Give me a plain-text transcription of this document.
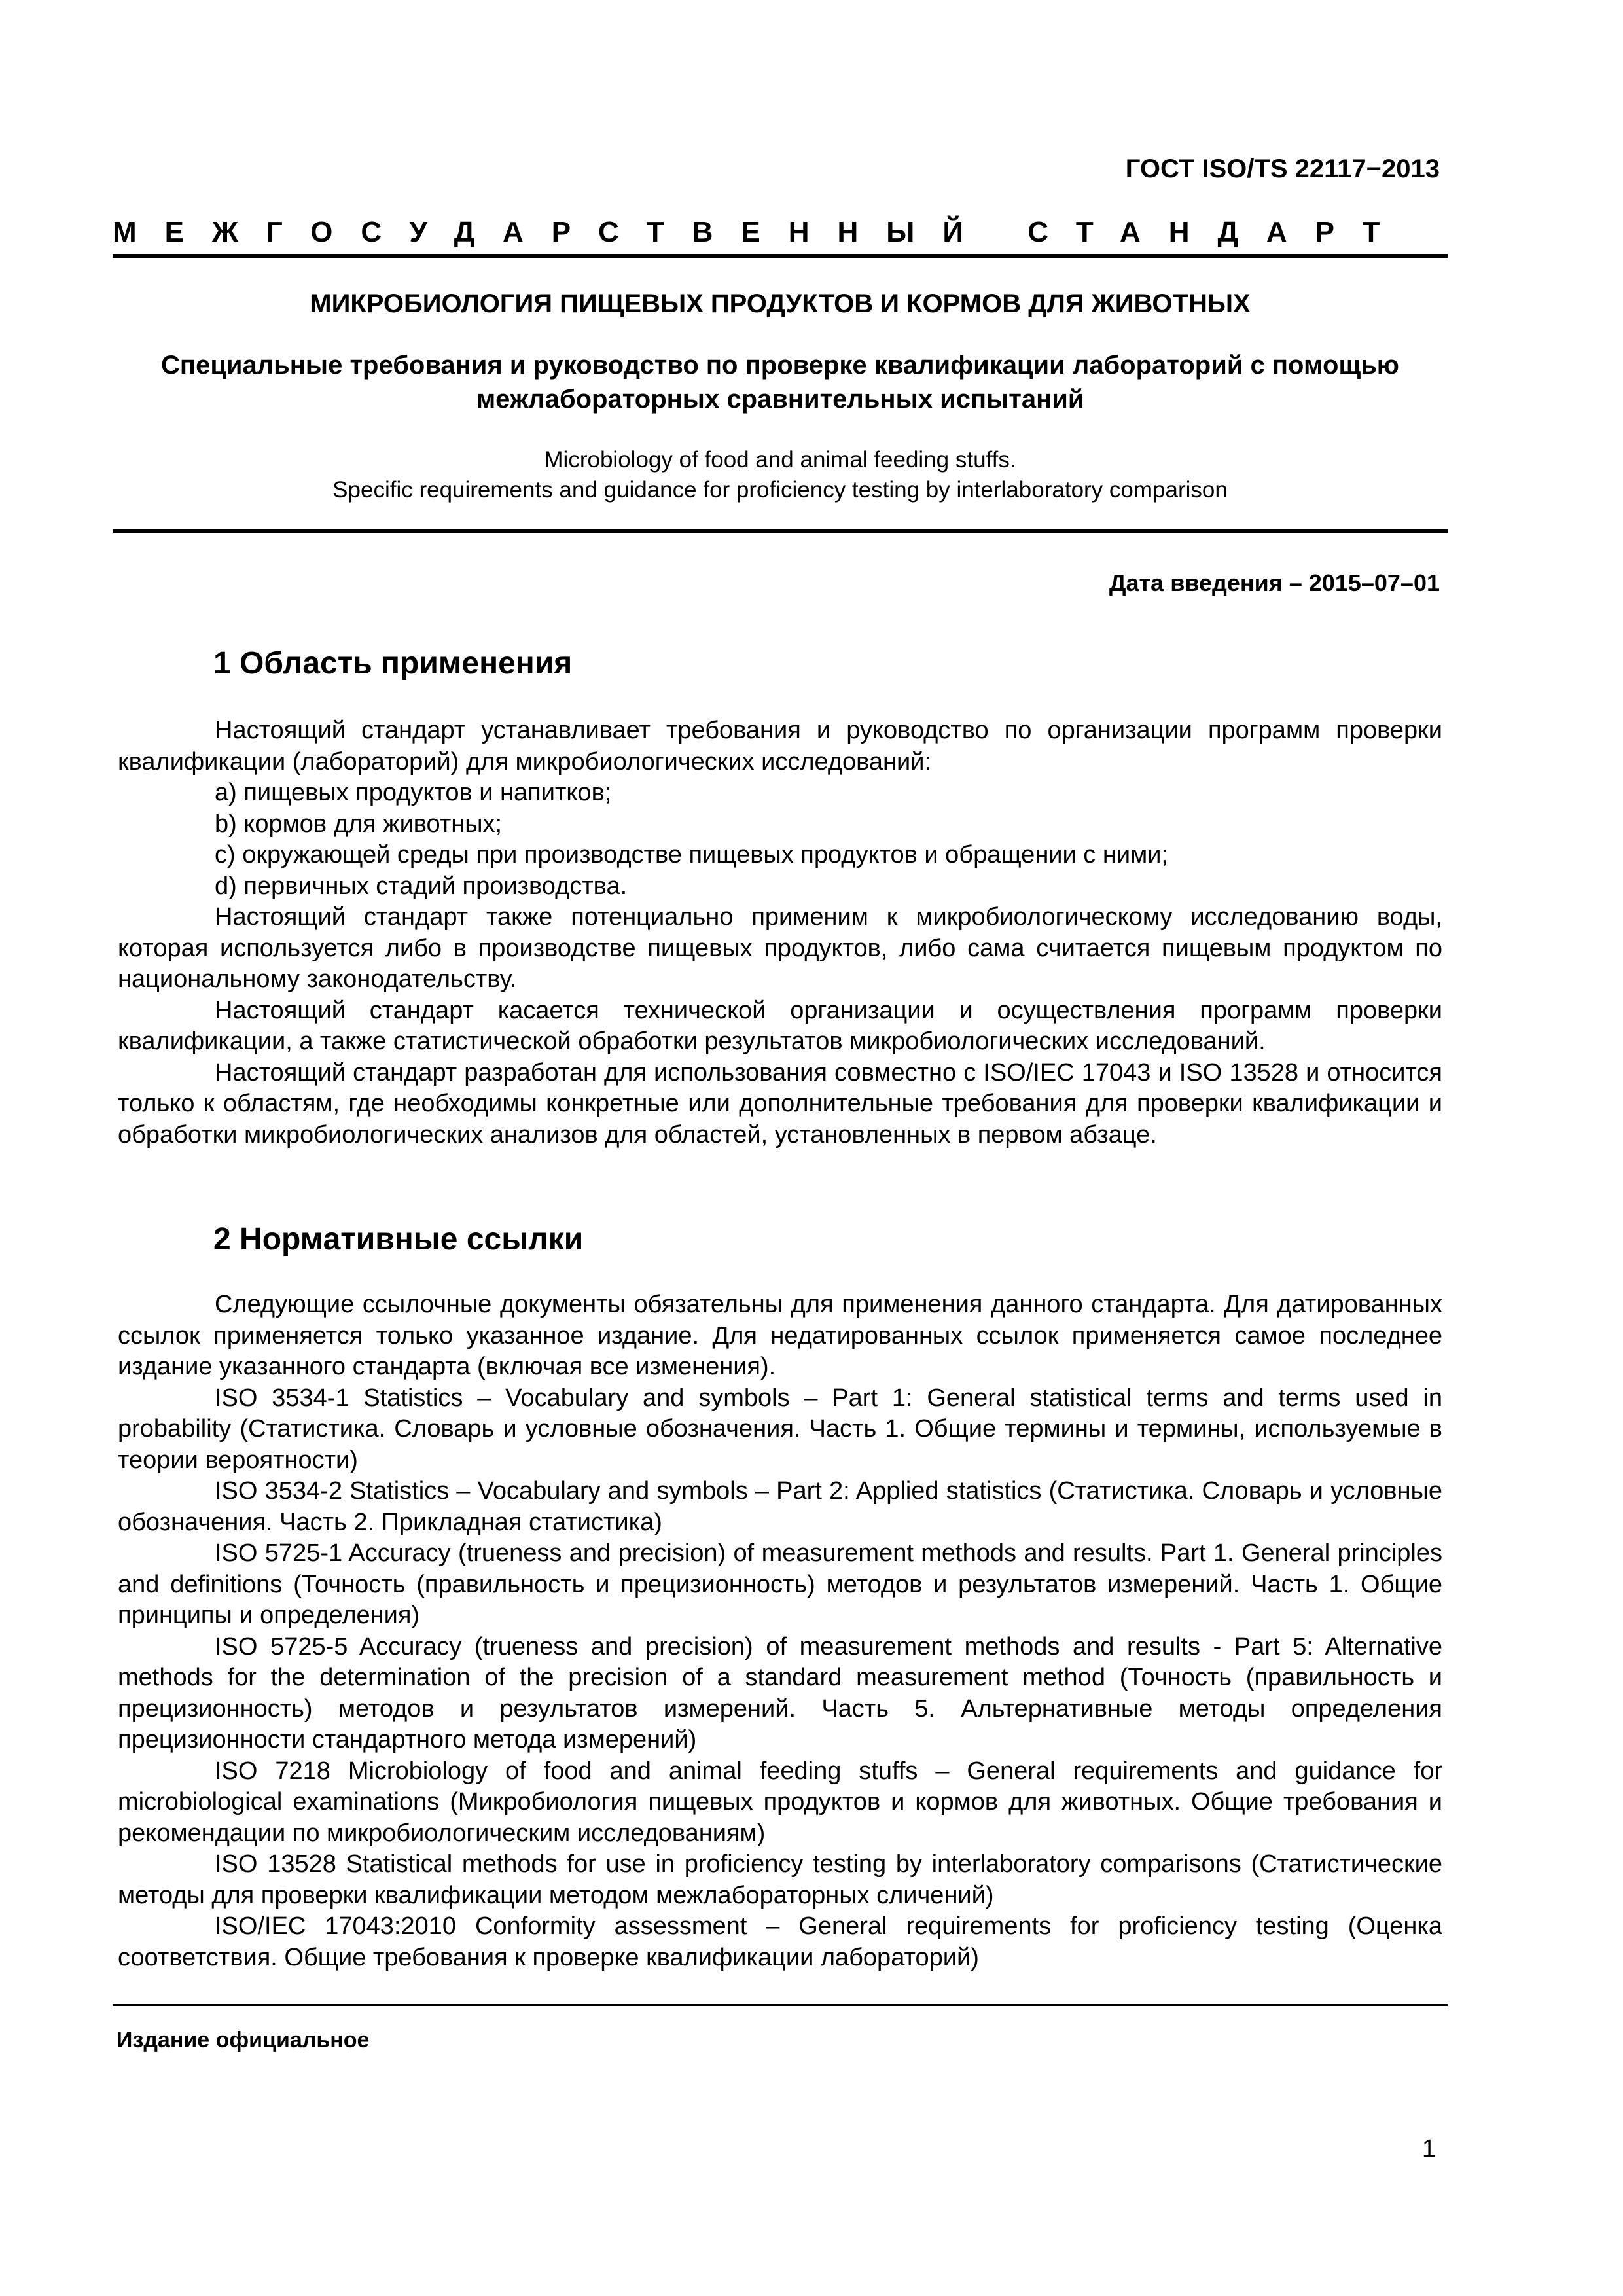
ГОСТ ISO/TS 22117−2013
МЕЖГОСУДАРСТВЕННЫЙ СТАНДАРТ
МИКРОБИОЛОГИЯ ПИЩЕВЫХ ПРОДУКТОВ И КОРМОВ ДЛЯ ЖИВОТНЫХ
Специальные требования и руководство по проверке квалификации лабораторий с помощью
межлабораторных сравнительных испытаний
Microbiology of food and animal feeding stuffs.
Specific requirements and guidance for proficiency testing by interlaboratory comparison
Дата введения – 2015–07–01
1 Область применения

Настоящий стандарт устанавливает требования и руководство по организации программ проверки квалификации (лабораторий) для микробиологических исследований:

a) пищевых продуктов и напитков;

b) кормов для животных;

c) окружающей среды при производстве пищевых продуктов и обращении с ними;

d) первичных стадий производства.

Настоящий стандарт также потенциально применим к микробиологическому исследованию воды, которая используется либо в производстве пищевых продуктов, либо сама считается пищевым продуктом по национальному законодательству.

Настоящий стандарт касается технической организации и осуществления программ проверки квалификации, а также статистической обработки результатов микробиологических исследований.

Настоящий стандарт разработан для использования совместно с ISO/IEC 17043 и ISO 13528 и относится только к областям, где необходимы конкретные или дополнительные требования для проверки квалификации и обработки микробиологических анализов для областей, установленных в первом абзаце.

2 Нормативные ссылки

Следующие ссылочные документы обязательны для применения данного стандарта. Для датированных ссылок применяется только указанное издание. Для недатированных ссылок применяется самое последнее издание указанного стандарта (включая все изменения).

ISO 3534-1 Statistics – Vocabulary and symbols – Part 1: General statistical terms and terms used in probability (Статистика. Словарь и условные обозначения. Часть 1. Общие термины и термины, используемые в теории вероятности)

ISO 3534-2 Statistics – Vocabulary and symbols – Part 2: Applied statistics (Статистика. Словарь и условные обозначения. Часть 2. Прикладная статистика)

ISO 5725-1 Accuracy (trueness and precision) of measurement methods and results. Part 1. General principles and definitions (Точность (правильность и прецизионность) методов и результатов измерений. Часть 1. Общие принципы и определения)

ISO 5725-5 Accuracy (trueness and precision) of measurement methods and results - Part 5: Alternative methods for the determination of the precision of a standard measurement method (Точность (правильность и прецизионность) методов и результатов измерений. Часть 5. Альтернативные методы определения прецизионности стандартного метода измерений)

ISO 7218 Microbiology of food and animal feeding stuffs – General requirements and guidance for microbiological examinations (Микробиология пищевых продуктов и кормов для животных. Общие требования и рекомендации по микробиологическим исследованиям)

ISO 13528 Statistical methods for use in proficiency testing by interlaboratory comparisons (Статистические методы для проверки квалификации методом межлабораторных сличений)

ISO/IEC 17043:2010 Conformity assessment – General requirements for proficiency testing (Оценка соответствия. Общие требования к проверке квалификации лабораторий)

Издание официальное
1
